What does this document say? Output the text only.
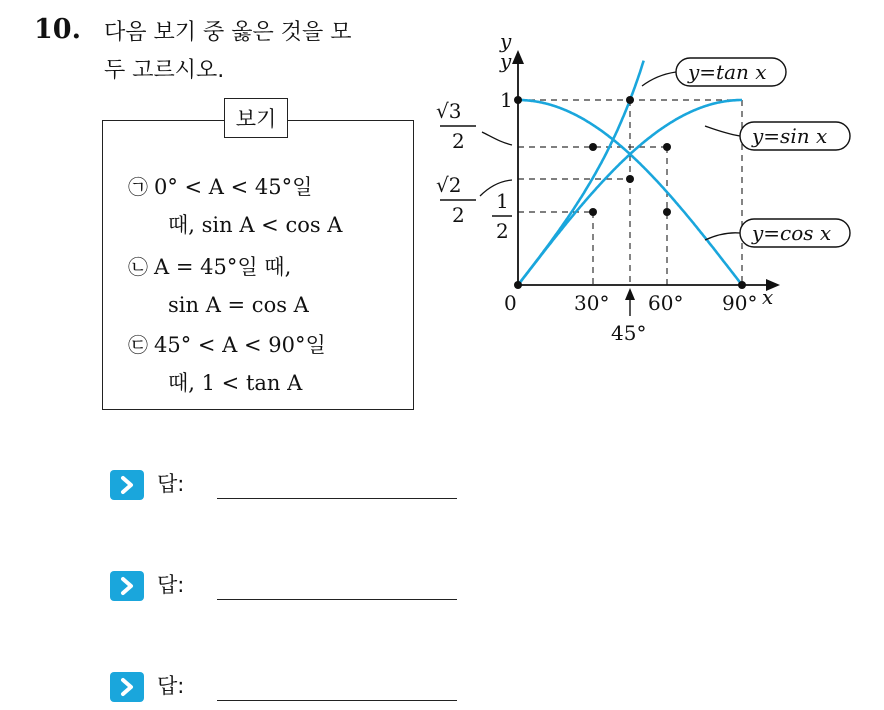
10. 다음 보기 중 옳은 것을 모
두 고르시오.
보기
㉠ 0° < A < 45°일
때, sin A < cos A
㉡ A = 45°일 때,
sin A = cos A
㉢ 45° < A < 90°일
때, 1 < tan A
y
y
x
0	30° 60° 90°
45°
1
√3
2
√2
2
1
2
y=tan x
y=sin x
y=cos x
답:
답:
답:
